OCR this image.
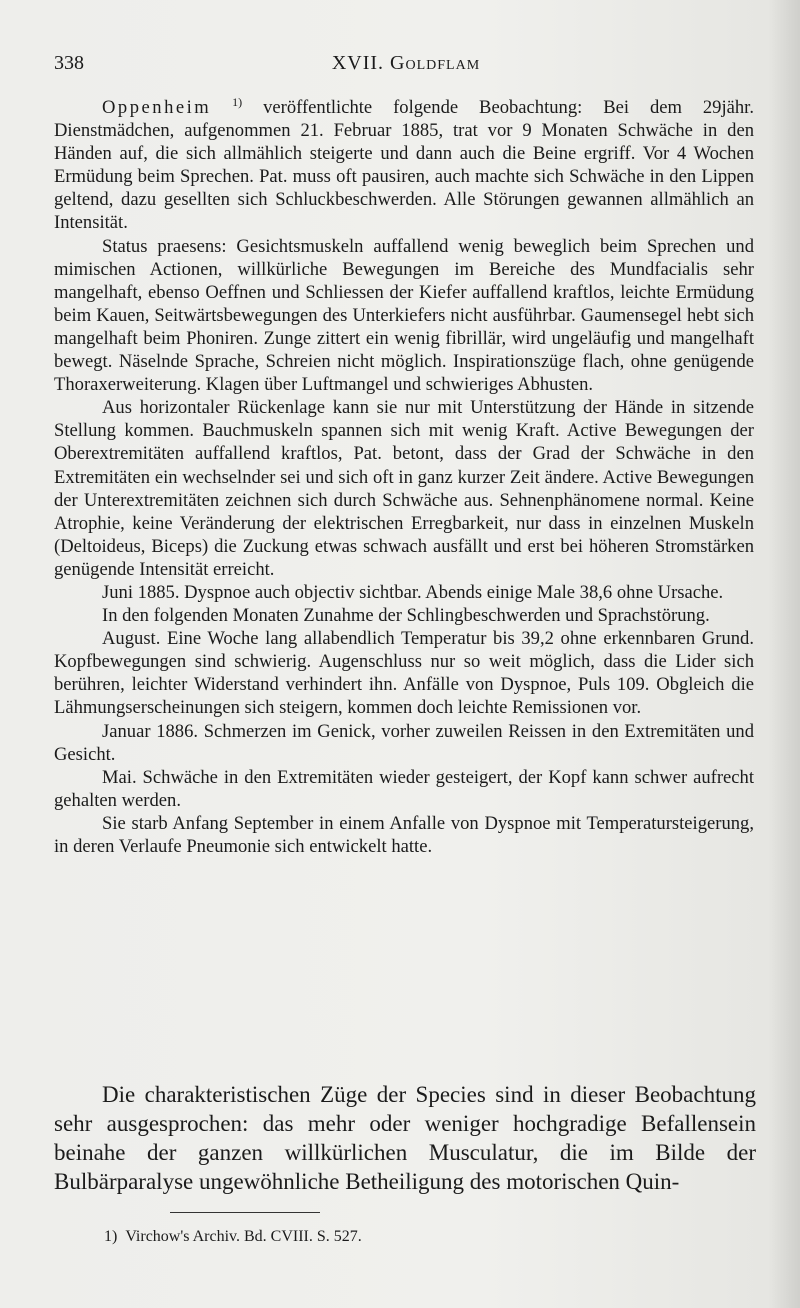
338	XVII. Goldflam

Oppenheim $^{1)}$ veröffentlichte folgende Beobachtung: Bei dem 29jähr. Dienstmädchen, aufgenommen 21. Februar 1885, trat vor 9 Monaten Schwäche in den Händen auf, die sich allmählich steigerte und dann auch die Beine ergriff. Vor 4 Wochen Ermüdung beim Sprechen. Pat. muss oft pausiren, auch machte sich Schwäche in den Lippen geltend, dazu gesellten sich Schluckbeschwerden. Alle Störungen gewannen allmählich an Intensität.

Status praesens: Gesichtsmuskeln auffallend wenig beweglich beim Sprechen und mimischen Actionen, willkürliche Bewegungen im Bereiche des Mundfacialis sehr mangelhaft, ebenso Oeffnen und Schliessen der Kiefer auffallend kraftlos, leichte Ermüdung beim Kauen, Seitwärtsbewegungen des Unterkiefers nicht ausführbar. Gaumensegel hebt sich mangelhaft beim Phoniren. Zunge zittert ein wenig fibrillär, wird ungeläufig und mangelhaft bewegt. Näselnde Sprache, Schreien nicht möglich. Inspirationszüge flach, ohne genügende Thoraxerweiterung. Klagen über Luftmangel und schwieriges Abhusten.

Aus horizontaler Rückenlage kann sie nur mit Unterstützung der Hände in sitzende Stellung kommen. Bauchmuskeln spannen sich mit wenig Kraft. Active Bewegungen der Oberextremitäten auffallend kraftlos, Pat. betont, dass der Grad der Schwäche in den Extremitäten ein wechselnder sei und sich oft in ganz kurzer Zeit ändere. Active Bewegungen der Unterextremitäten zeichnen sich durch Schwäche aus. Sehnenphänomene normal. Keine Atrophie, keine Veränderung der elektrischen Erregbarkeit, nur dass in einzelnen Muskeln (Deltoideus, Biceps) die Zuckung etwas schwach ausfällt und erst bei höheren Stromstärken genügende Intensität erreicht.

Juni 1885. Dyspnoe auch objectiv sichtbar. Abends einige Male 38,6 ohne Ursache.

In den folgenden Monaten Zunahme der Schlingbeschwerden und Sprachstörung.

August. Eine Woche lang allabendlich Temperatur bis 39,2 ohne erkennbaren Grund. Kopfbewegungen sind schwierig. Augenschluss nur so weit möglich, dass die Lider sich berühren, leichter Widerstand verhindert ihn. Anfälle von Dyspnoe, Puls 109. Obgleich die Lähmungserscheinungen sich steigern, kommen doch leichte Remissionen vor.

Januar 1886. Schmerzen im Genick, vorher zuweilen Reissen in den Extremitäten und Gesicht.

Mai. Schwäche in den Extremitäten wieder gesteigert, der Kopf kann schwer aufrecht gehalten werden.

Sie starb Anfang September in einem Anfalle von Dyspnoe mit Temperatursteigerung, in deren Verlaufe Pneumonie sich entwickelt hatte.

Die charakteristischen Züge der Species sind in dieser Beobachtung sehr ausgesprochen: das mehr oder weniger hochgradige Befallensein beinahe der ganzen willkürlichen Musculatur, die im Bilde der Bulbärparalyse ungewöhnliche Betheiligung des motorischen Quin-

1) Virchow's Archiv. Bd. CVIII. S. 527.
